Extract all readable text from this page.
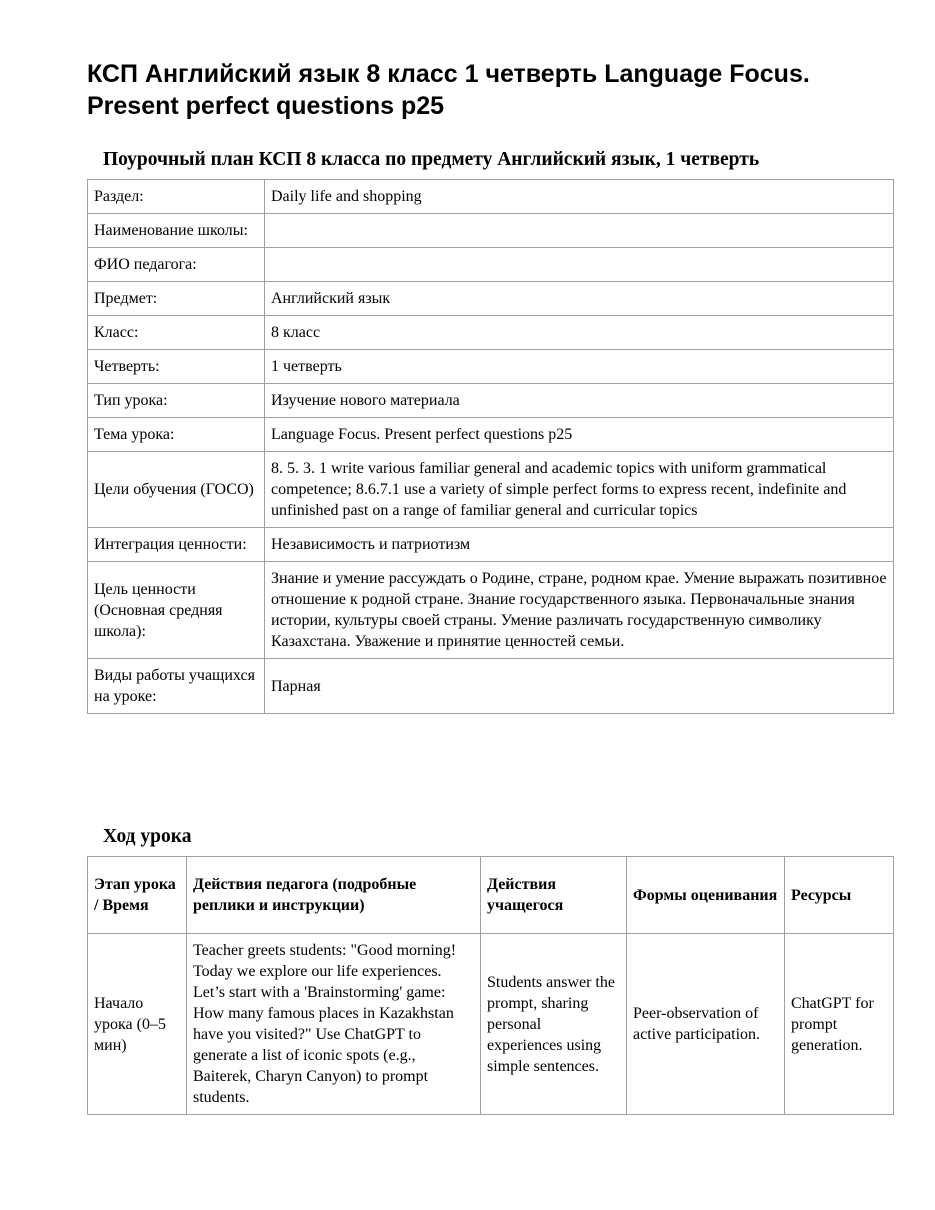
КСП Английский язык 8 класс 1 четверть Language Focus. Present perfect questions p25
Поурочный план КСП 8 класса по предмету Английский язык, 1 четверть
Раздел:	Daily life and shopping
Наименование школы:	
ФИО педагога:	
Предмет:	Английский язык
Класс:	8 класс
Четверть:	1 четверть
Тип урока:	Изучение нового материала
Тема урока:	Language Focus. Present perfect questions p25
Цели обучения (ГОСО)	8. 5. 3. 1 write various familiar general and academic topics with uniform grammatical competence; 8.6.7.1 use a variety of simple perfect forms to express recent, indefinite and unfinished past on a range of familiar general and curricular topics
Интеграция ценности:	Независимость и патриотизм
Цель ценности (Основная средняя школа):	Знание и умение рассуждать о Родине, стране, родном крае. Умение выражать позитивное отношение к родной стране. Знание государственного языка. Первоначальные знания истории, культуры своей страны. Умение различать государственную символику Казахстана. Уважение и принятие ценностей семьи.
Виды работы учащихся на уроке:	Парная
Ход урока
Этап урока / Время	Действия педагога (подробные реплики и инструкции)	Действия учащегося	Формы оценивания	Ресурсы
Начало урока (0–5 мин)	Teacher greets students: "Good morning! Today we explore our life experiences. Let’s start with a 'Brainstorming' game: How many famous places in Kazakhstan have you visited?" Use ChatGPT to generate a list of iconic spots (e.g., Baiterek, Charyn Canyon) to prompt students.	Students answer the prompt, sharing personal experiences using simple sentences.	Peer-observation of active participation.	ChatGPT for prompt generation.
